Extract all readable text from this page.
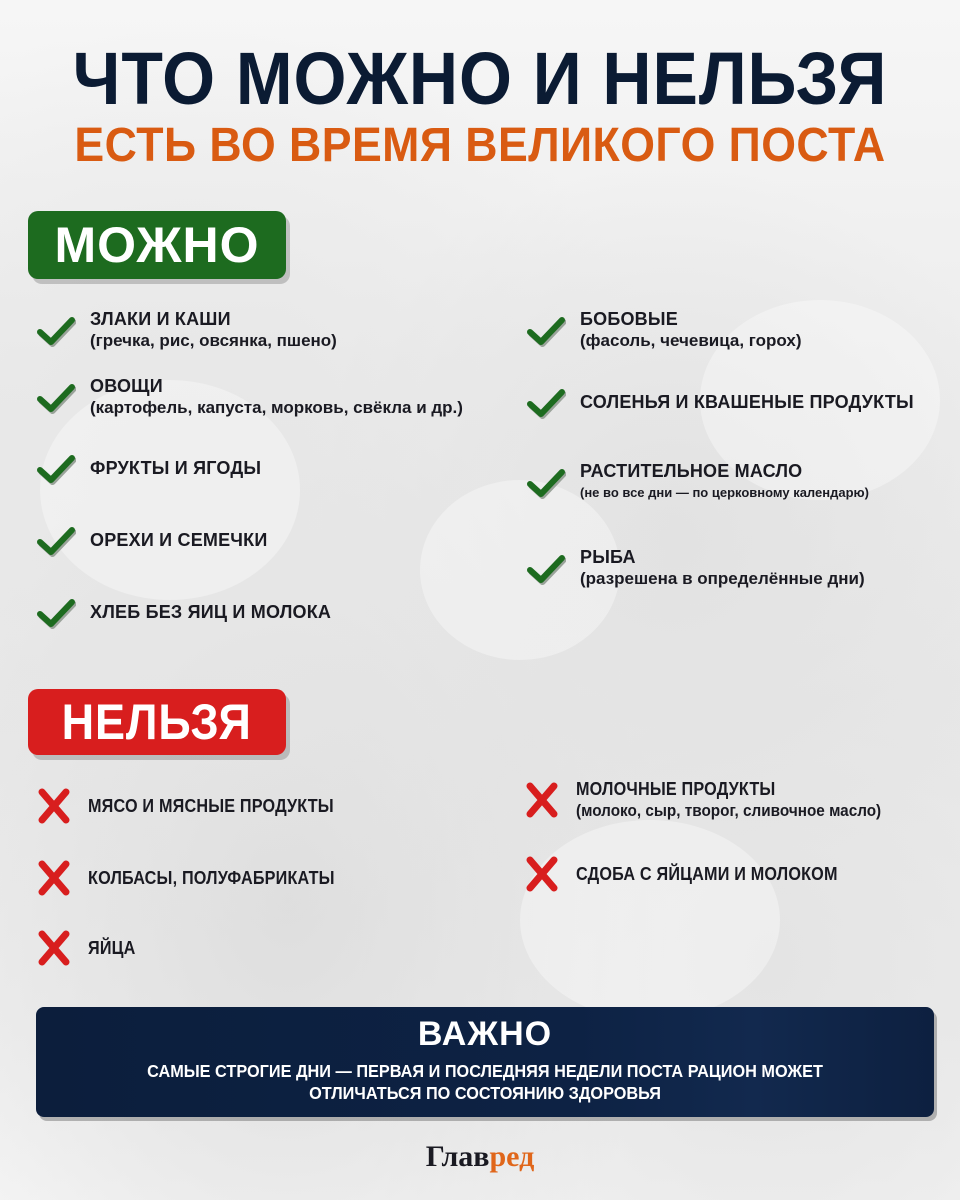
ЧТО МОЖНО И НЕЛЬЗЯ
ЕСТЬ ВО ВРЕМЯ ВЕЛИКОГО ПОСТА
МОЖНО
ЗЛАКИ И КАШИ
(гречка, рис, овсянка, пшено)
ОВОЩИ
(картофель, капуста, морковь, свёкла и др.)
ФРУКТЫ И ЯГОДЫ
ОРЕХИ И СЕМЕЧКИ
ХЛЕБ БЕЗ ЯИЦ И МОЛОКА
БОБОВЫЕ
(фасоль, чечевица, горох)
СОЛЕНЬЯ И КВАШЕНЫЕ ПРОДУКТЫ
РАСТИТЕЛЬНОЕ МАСЛО
(не во все дни — по церковному календарю)
РЫБА
(разрешена в определённые дни)
НЕЛЬЗЯ
МЯСО И МЯСНЫЕ ПРОДУКТЫ
КОЛБАСЫ, ПОЛУФАБРИКАТЫ
ЯЙЦА
МОЛОЧНЫЕ ПРОДУКТЫ
(молоко, сыр, творог, сливочное масло)
СДОБА С ЯЙЦАМИ И МОЛОКОМ
ВАЖНО
САМЫЕ СТРОГИЕ ДНИ — ПЕРВАЯ И ПОСЛЕДНЯЯ НЕДЕЛИ ПОСТА РАЦИОН МОЖЕТ
ОТЛИЧАТЬСЯ ПО СОСТОЯНИЮ ЗДОРОВЬЯ
Главред
